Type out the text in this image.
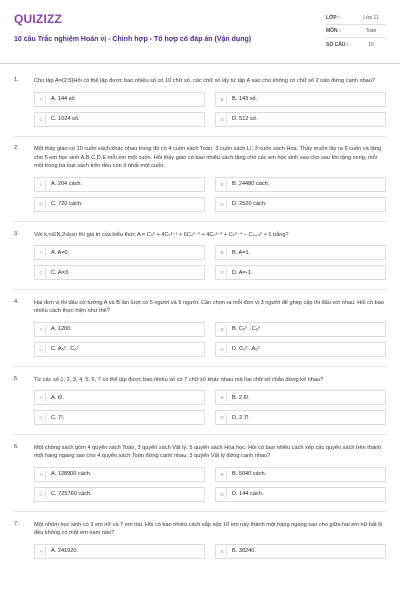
QUIZIZZ
10 câu Trắc nghiệm Hoán vị - Chỉnh hợp - Tổ hợp có đáp án (Vận dụng)
LỚP :	Lớp 11
MÔN :	Toán
SỐ CÂU :	10
1.	Cho tập A={2;5}Hỏi có thể lập được bao nhiêu số có 10 chữ số, các chữ số lấy từ tập A sao cho không có chữ số 2 nào đứng cạnh nhau?
A	A. 144 số.	B	B. 143 số.
C	C. 1024 số.	D	D. 512 số.
2.	Một thầy giáo có 10 cuốn sách khác nhau trong đó có 4 cuốn sách Toán, 3 cuốn sách Lí, 3 cuốn sách Hóa. Thầy muốn lấy ra 5 cuốn và tặng cho 5 em học sinh A,B,C,D,E mỗi em một cuốn. Hỏi thầy giáo có bao nhiêu cách tặng cho các em học sinh sao cho sau khi tặng xong, mỗi một trong ba loại sách trên đều còn ít nhất một cuốn.
A	A. 204 cách.	B	B. 24480 cách.
C	C. 720 cách.	D	D. 2520 cách.
3.	Với k,n∈N,2≤k≤n thì giá trị của biểu thức A = Cₙᵏ + 4Cₙᵏ⁻¹ + 6Cₙᵏ⁻² + 4Cₙᵏ⁻³ + Cₙᵏ⁻⁴ − Cₙ₊₄ᵏ + 1 bằng?
A	A. A=0.	B	B. A=1.
C	C. A=3.	D	D. A=-1.
4.	Hai đơn vị thi đấu cờ tướng A và B lần lượt có 5 người và 6 người. Cần chọn ra mỗi đơn vị 3 người để ghép cặp thi đấu với nhau. Hỏi có bao nhiêu cách thực hiện như thế?
A	A. 1200.	B	B. C₅³ . C₆³
C	C. A₅³ . C₆³	D	D. C₅³ . A₆³
5.	Từ các số 1, 2, 3, 4, 5, 6, 7 có thể lập được bao nhiêu số có 7 chữ số khác nhau mà hai chữ số chẵn đứng kề nhau?
A	A. 6!.	B	B. 2.6!.
C	C. 7!.	D	D. 2.7!.
6.	Một chồng sách gồm 4 quyển sách Toán, 3 quyển sách Vật lý, 5 quyển sách Hóa học. Hỏi có bao nhiêu cách xếp các quyển sách trên thành một hàng ngang sao cho 4 quyển sách Toán đứng cạnh nhau, 3 quyển Vật lý đứng cạnh nhau?
A	A. 128900 cách.	B	B. 5040 cách.
C	C. 725760 cách.	D	D. 144 cách.
7.	Một nhóm học sinh có 3 em nữ và 7 em trai. Hỏi có bao nhiêu cách sắp xếp 10 em này thành một hàng ngang sao cho giữa hai em nữ bất kì đều không có một em nam nào?
A	A. 241920.	B	B. 30240.
